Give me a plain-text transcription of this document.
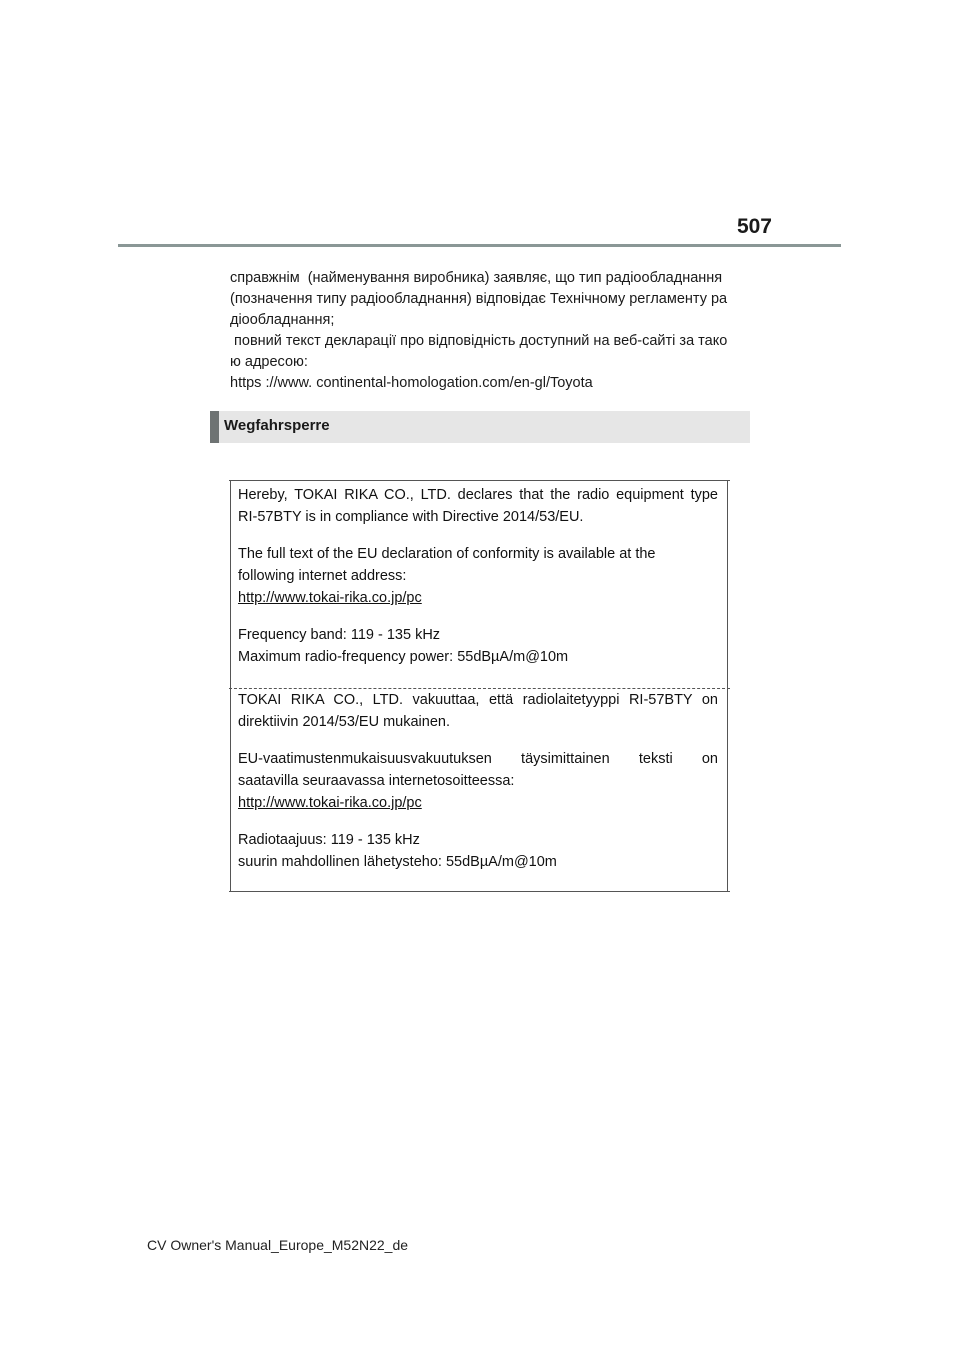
507
справжнім  (найменування виробника) заявляє, що тип радіообладнання
(позначення типу радіообладнання) відповідає Технічному регламенту ра
діообладнання;
повний текст декларації про відповідність доступний на веб-сайті за тако
ю адресою:
https ://www. continental-homologation.com/en-gl/Toyota
Wegfahrsperre
Hereby, TOKAI RIKA CO., LTD. declares that the radio equipment type
RI-57BTY is in compliance with Directive 2014/53/EU.
The full text of the EU declaration of conformity is available at the
following internet address:
http://www.tokai-rika.co.jp/pc
Frequency band: 119 - 135 kHz
Maximum radio-frequency power: 55dBµA/m@10m
TOKAI RIKA CO., LTD. vakuuttaa, että radiolaitetyyppi RI-57BTY on
direktiivin 2014/53/EU mukainen.
EU-vaatimustenmukaisuusvakuutuksen täysimittainen teksti on
saatavilla seuraavassa internetosoitteessa:
http://www.tokai-rika.co.jp/pc
Radiotaajuus: 119 - 135 kHz
suurin mahdollinen lähetysteho: 55dBµA/m@10m
CV Owner's Manual_Europe_M52N22_de
